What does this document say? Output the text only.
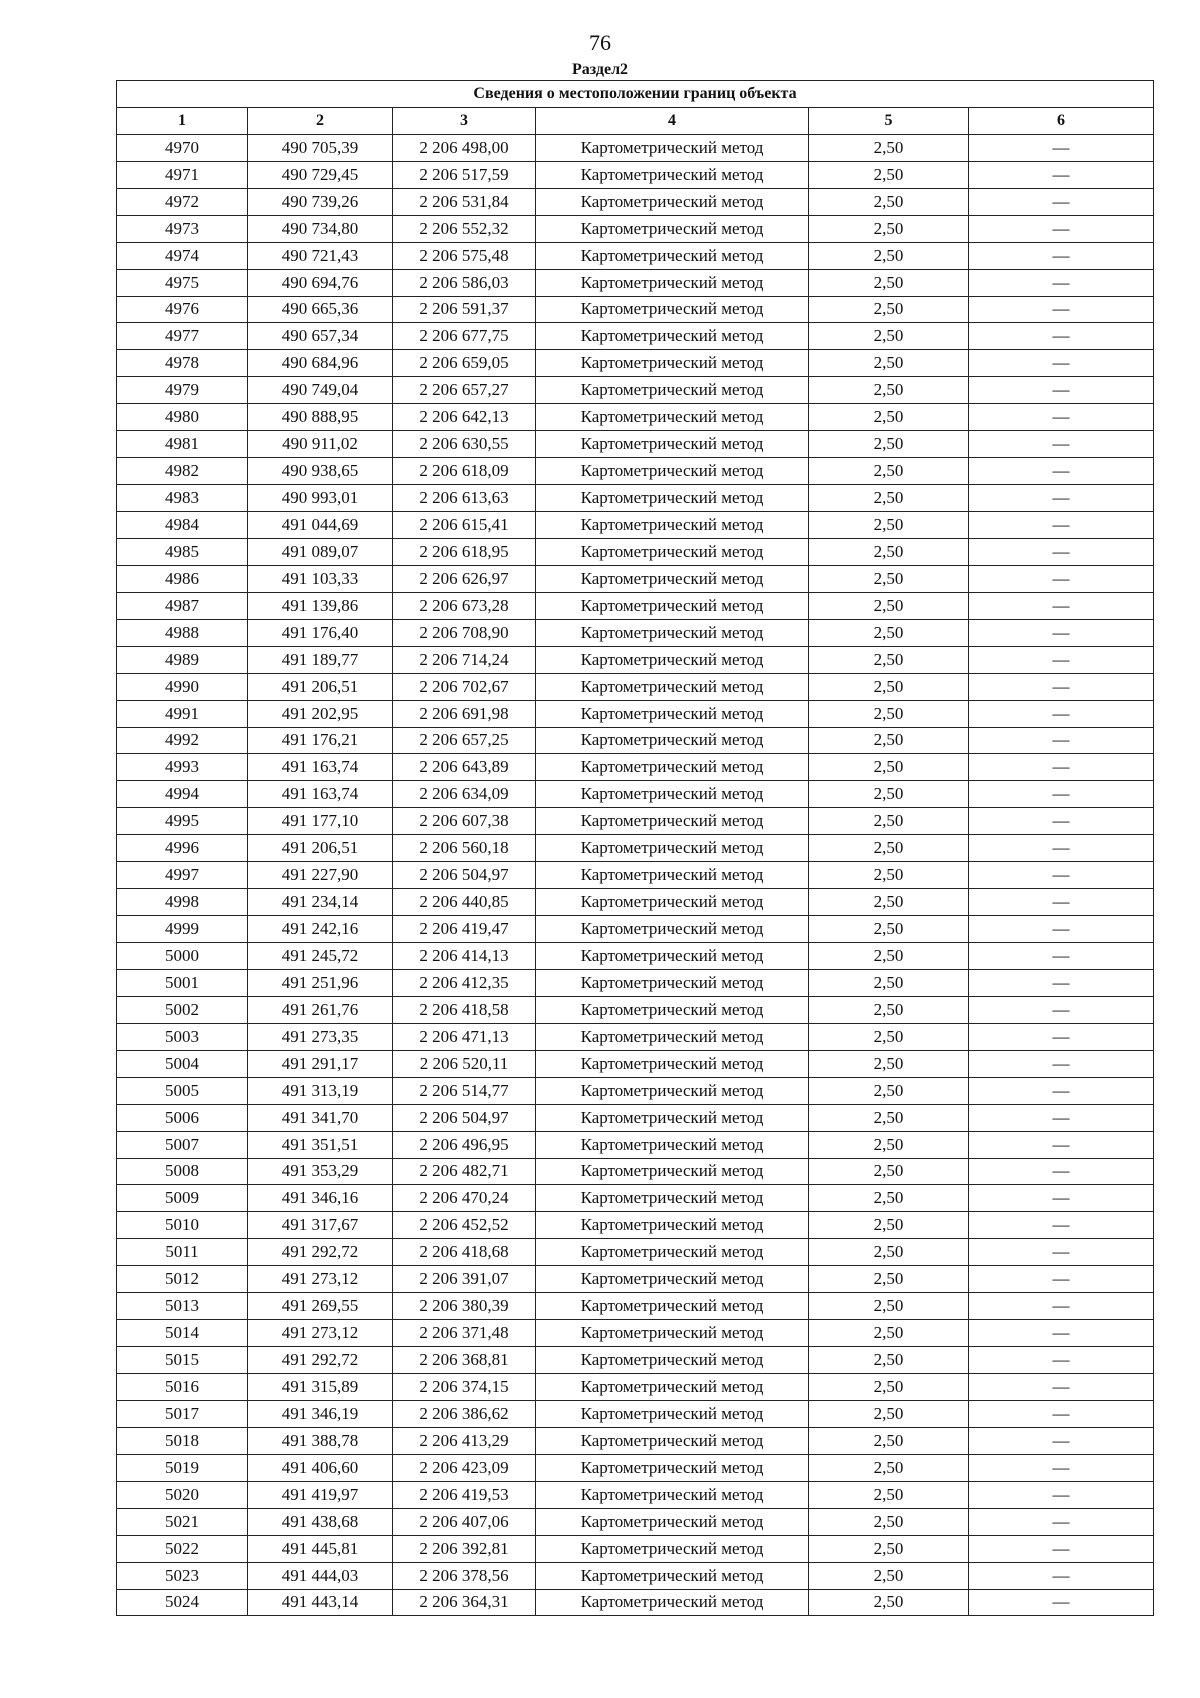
76
Раздел2
Сведения о местоположении границ объекта					
1	2	3	4	5	6
4970	490 705,39	2 206 498,00	Картометрический метод	2,50	—
4971	490 729,45	2 206 517,59	Картометрический метод	2,50	—
4972	490 739,26	2 206 531,84	Картометрический метод	2,50	—
4973	490 734,80	2 206 552,32	Картометрический метод	2,50	—
4974	490 721,43	2 206 575,48	Картометрический метод	2,50	—
4975	490 694,76	2 206 586,03	Картометрический метод	2,50	—
4976	490 665,36	2 206 591,37	Картометрический метод	2,50	—
4977	490 657,34	2 206 677,75	Картометрический метод	2,50	—
4978	490 684,96	2 206 659,05	Картометрический метод	2,50	—
4979	490 749,04	2 206 657,27	Картометрический метод	2,50	—
4980	490 888,95	2 206 642,13	Картометрический метод	2,50	—
4981	490 911,02	2 206 630,55	Картометрический метод	2,50	—
4982	490 938,65	2 206 618,09	Картометрический метод	2,50	—
4983	490 993,01	2 206 613,63	Картометрический метод	2,50	—
4984	491 044,69	2 206 615,41	Картометрический метод	2,50	—
4985	491 089,07	2 206 618,95	Картометрический метод	2,50	—
4986	491 103,33	2 206 626,97	Картометрический метод	2,50	—
4987	491 139,86	2 206 673,28	Картометрический метод	2,50	—
4988	491 176,40	2 206 708,90	Картометрический метод	2,50	—
4989	491 189,77	2 206 714,24	Картометрический метод	2,50	—
4990	491 206,51	2 206 702,67	Картометрический метод	2,50	—
4991	491 202,95	2 206 691,98	Картометрический метод	2,50	—
4992	491 176,21	2 206 657,25	Картометрический метод	2,50	—
4993	491 163,74	2 206 643,89	Картометрический метод	2,50	—
4994	491 163,74	2 206 634,09	Картометрический метод	2,50	—
4995	491 177,10	2 206 607,38	Картометрический метод	2,50	—
4996	491 206,51	2 206 560,18	Картометрический метод	2,50	—
4997	491 227,90	2 206 504,97	Картометрический метод	2,50	—
4998	491 234,14	2 206 440,85	Картометрический метод	2,50	—
4999	491 242,16	2 206 419,47	Картометрический метод	2,50	—
5000	491 245,72	2 206 414,13	Картометрический метод	2,50	—
5001	491 251,96	2 206 412,35	Картометрический метод	2,50	—
5002	491 261,76	2 206 418,58	Картометрический метод	2,50	—
5003	491 273,35	2 206 471,13	Картометрический метод	2,50	—
5004	491 291,17	2 206 520,11	Картометрический метод	2,50	—
5005	491 313,19	2 206 514,77	Картометрический метод	2,50	—
5006	491 341,70	2 206 504,97	Картометрический метод	2,50	—
5007	491 351,51	2 206 496,95	Картометрический метод	2,50	—
5008	491 353,29	2 206 482,71	Картометрический метод	2,50	—
5009	491 346,16	2 206 470,24	Картометрический метод	2,50	—
5010	491 317,67	2 206 452,52	Картометрический метод	2,50	—
5011	491 292,72	2 206 418,68	Картометрический метод	2,50	—
5012	491 273,12	2 206 391,07	Картометрический метод	2,50	—
5013	491 269,55	2 206 380,39	Картометрический метод	2,50	—
5014	491 273,12	2 206 371,48	Картометрический метод	2,50	—
5015	491 292,72	2 206 368,81	Картометрический метод	2,50	—
5016	491 315,89	2 206 374,15	Картометрический метод	2,50	—
5017	491 346,19	2 206 386,62	Картометрический метод	2,50	—
5018	491 388,78	2 206 413,29	Картометрический метод	2,50	—
5019	491 406,60	2 206 423,09	Картометрический метод	2,50	—
5020	491 419,97	2 206 419,53	Картометрический метод	2,50	—
5021	491 438,68	2 206 407,06	Картометрический метод	2,50	—
5022	491 445,81	2 206 392,81	Картометрический метод	2,50	—
5023	491 444,03	2 206 378,56	Картометрический метод	2,50	—
5024	491 443,14	2 206 364,31	Картометрический метод	2,50	—
